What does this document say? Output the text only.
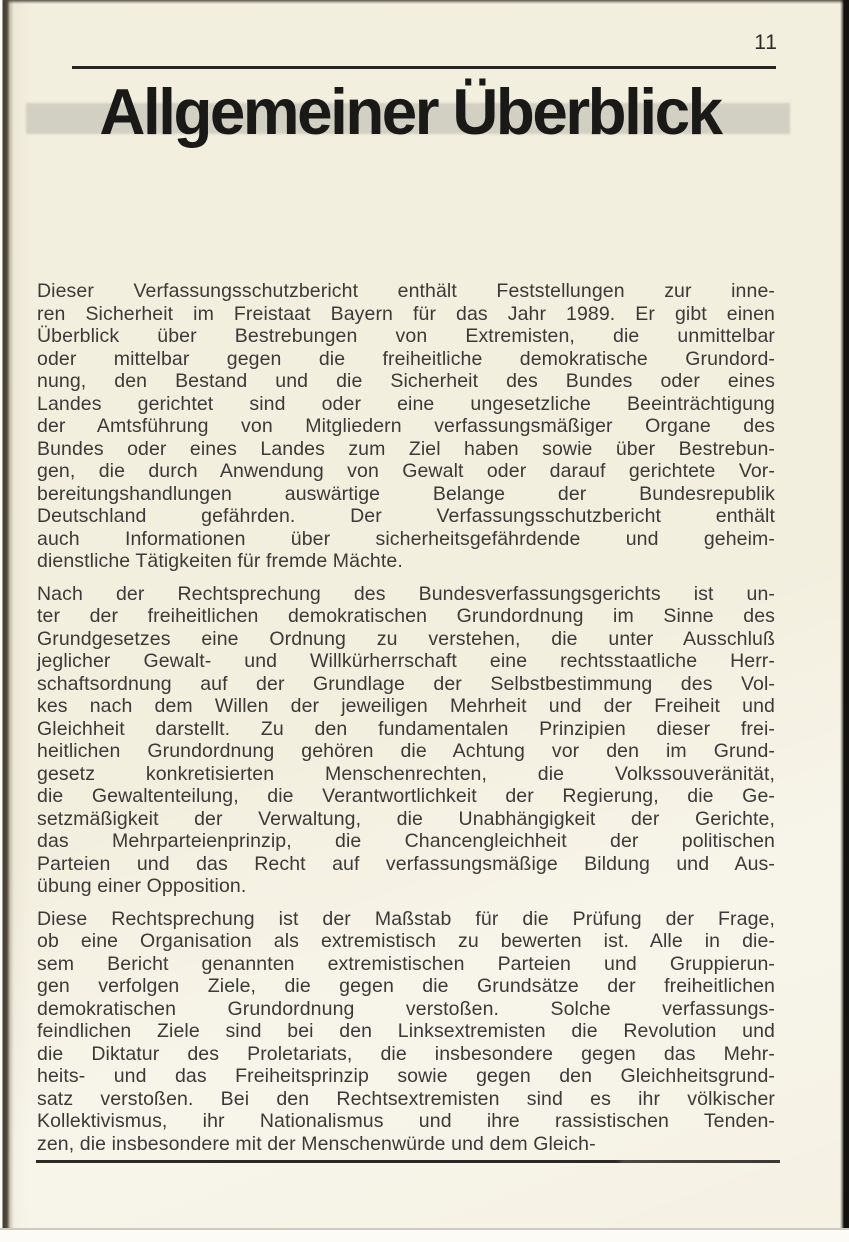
Allgemeiner Überblick
11
Dieser Verfassungsschutzbericht enthält Feststellungen zur inne-
ren Sicherheit im Freistaat Bayern für das Jahr 1989. Er gibt einen
Überblick über Bestrebungen von Extremisten, die unmittelbar
oder mittelbar gegen die freiheitliche demokratische Grundord-
nung, den Bestand und die Sicherheit des Bundes oder eines
Landes gerichtet sind oder eine ungesetzliche Beeinträchtigung
der Amtsführung von Mitgliedern verfassungsmäßiger Organe des
Bundes oder eines Landes zum Ziel haben sowie über Bestrebun-
gen, die durch Anwendung von Gewalt oder darauf gerichtete Vor-
bereitungshandlungen auswärtige Belange der Bundesrepublik
Deutschland gefährden. Der Verfassungsschutzbericht enthält
auch Informationen über sicherheitsgefährdende und geheim-
dienstliche Tätigkeiten für fremde Mächte.
Nach der Rechtsprechung des Bundesverfassungsgerichts ist un-
ter der freiheitlichen demokratischen Grundordnung im Sinne des
Grundgesetzes eine Ordnung zu verstehen, die unter Ausschluß
jeglicher Gewalt- und Willkürherrschaft eine rechtsstaatliche Herr-
schaftsordnung auf der Grundlage der Selbstbestimmung des Vol-
kes nach dem Willen der jeweiligen Mehrheit und der Freiheit und
Gleichheit darstellt. Zu den fundamentalen Prinzipien dieser frei-
heitlichen Grundordnung gehören die Achtung vor den im Grund-
gesetz konkretisierten Menschenrechten, die Volkssouveränität,
die Gewaltenteilung, die Verantwortlichkeit der Regierung, die Ge-
setzmäßigkeit der Verwaltung, die Unabhängigkeit der Gerichte,
das Mehrparteienprinzip, die Chancengleichheit der politischen
Parteien und das Recht auf verfassungsmäßige Bildung und Aus-
übung einer Opposition.
Diese Rechtsprechung ist der Maßstab für die Prüfung der Frage,
ob eine Organisation als extremistisch zu bewerten ist. Alle in die-
sem Bericht genannten extremistischen Parteien und Gruppierun-
gen verfolgen Ziele, die gegen die Grundsätze der freiheitlichen
demokratischen Grundordnung verstoßen. Solche verfassungs-
feindlichen Ziele sind bei den Linksextremisten die Revolution und
die Diktatur des Proletariats, die insbesondere gegen das Mehr-
heits- und das Freiheitsprinzip sowie gegen den Gleichheitsgrund-
satz verstoßen. Bei den Rechtsextremisten sind es ihr völkischer
Kollektivismus, ihr Nationalismus und ihre rassistischen Tenden-
zen, die insbesondere mit der Menschenwürde und dem Gleich-
